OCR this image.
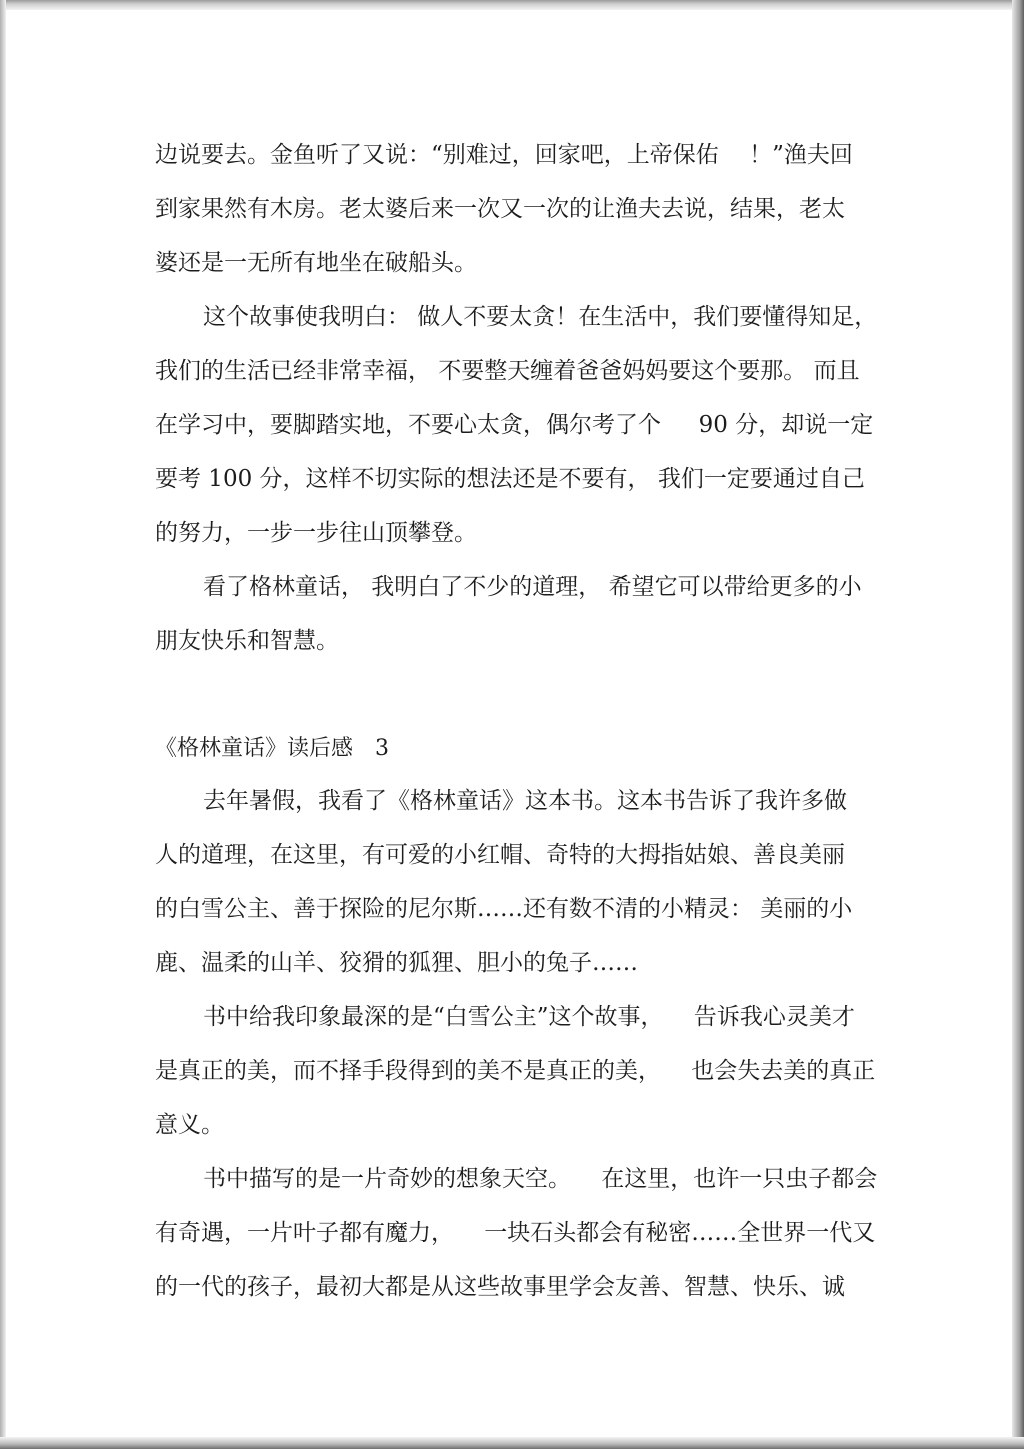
边说要去。金鱼听了又说：“别难过，回家吧，上帝保佑 　！”渔夫回
到家果然有木房。老太婆后来一次又一次的让渔夫去说，结果，老太
婆还是一无所有地坐在破船头。
这个故事使我明白： 做人不要太贪！在生活中，我们要懂得知足，
我们的生活已经非常幸福， 不要整天缠着爸爸妈妈要这个要那。 而且
在学习中，要脚踏实地，不要心太贪，偶尔考了个 　 90 分，却说一定
要考 100 分，这样不切实际的想法还是不要有， 我们一定要通过自己
的努力，一步一步往山顶攀登。
看了格林童话， 我明白了不少的道理， 希望它可以带给更多的小
朋友快乐和智慧。
《格林童话》读后感　3
去年暑假，我看了《格林童话》这本书。这本书告诉了我许多做
人的道理，在这里，有可爱的小红帽、奇特的大拇指姑娘、善良美丽
的白雪公主、善于探险的尼尔斯……还有数不清的小精灵： 美丽的小
鹿、温柔的山羊、狡猾的狐狸、胆小的兔子……
书中给我印象最深的是“白雪公主”这个故事， 　告诉我心灵美才
是真正的美，而不择手段得到的美不是真正的美， 　也会失去美的真正
意义。
书中描写的是一片奇妙的想象天空。 　在这里，也许一只虫子都会
有奇遇，一片叶子都有魔力， 　一块石头都会有秘密……全世界一代又
的一代的孩子，最初大都是从这些故事里学会友善、智慧、快乐、诚
